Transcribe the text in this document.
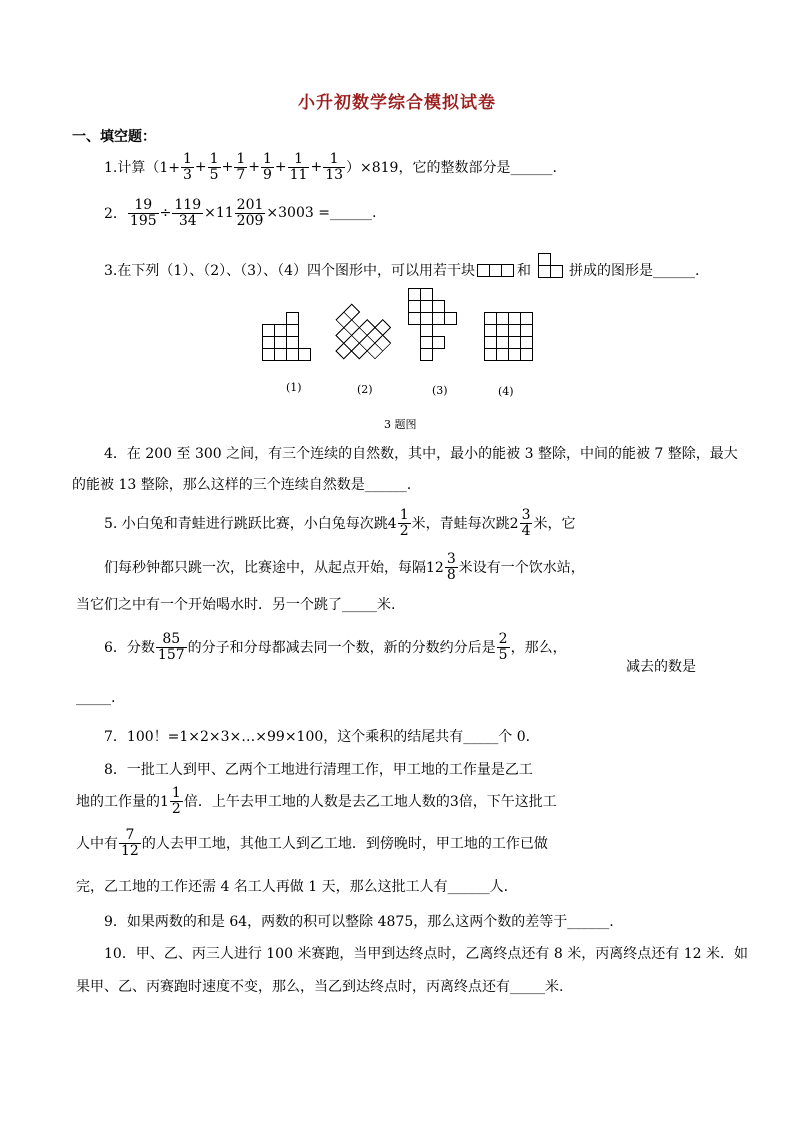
小升初数学综合模拟试卷
一、填空题：
1.计算$(1+ \frac{1}{3} + \frac{1}{5} + \frac{1}{7} + \frac{1}{9} + \frac{1}{11} + \frac{1}{13} )\times 819$，它的整数部分是______.
2． $\frac{19}{195} \div \frac{119}{34} \times 11 \frac{201}{209} \times 3003$ =______.
3.在下列（1）、（2）、（3）、（4）四个图形中，可以用若干块	和	拼成的图形是______.
(1)	(2)	(3)	(4)
3 题图
4．在 200 至 300 之间，有三个连续的自然数，其中，最小的能被 3 整除，中间的能被 7 整除，最大
的能被 13 整除，那么这样的三个连续自然数是______.
5. 小白兔和青蛙进行跳跃比赛，小白兔每次跳$4 \frac{1}{2}$ 米，青蛙每次跳$2 \frac{3}{4}$ 米，它
们每秒钟都只跳一次，比赛途中，从起点开始，每隔$12 \frac{3}{8}$ 米设有一个饮水站，
当它们之中有一个开始喝水时．另一个跳了_____米.
6．分数 $\frac{85}{157}$ 的分子和分母都减去同一个数，新的分数约分后是 $\frac{2}{5}$ ，那么，
减去的数是
_____.
7．100！=1×2×3×…×99×100，这个乘积的结尾共有_____个 0．
8．一批工人到甲、乙两个工地进行清理工作，甲工地的工作量是乙工
地的工作量的$1 \frac{1}{2}$ 倍．上午去甲工地的人数是去乙工地人数的3倍，下午这批工
人中有 $\frac{7}{12}$ 的人去甲工地，其他工人到乙工地．到傍晚时，甲工地的工作已做
完，乙工地的工作还需 4 名工人再做 1 天，那么这批工人有______人.
9．如果两数的和是 64，两数的积可以整除 4875，那么这两个数的差等于______.
10．甲、乙、丙三人进行 100 米赛跑，当甲到达终点时，乙离终点还有 8 米，丙离终点还有 12 米．如
果甲、乙、丙赛跑时速度不变，那么，当乙到达终点时，丙离终点还有_____米.
